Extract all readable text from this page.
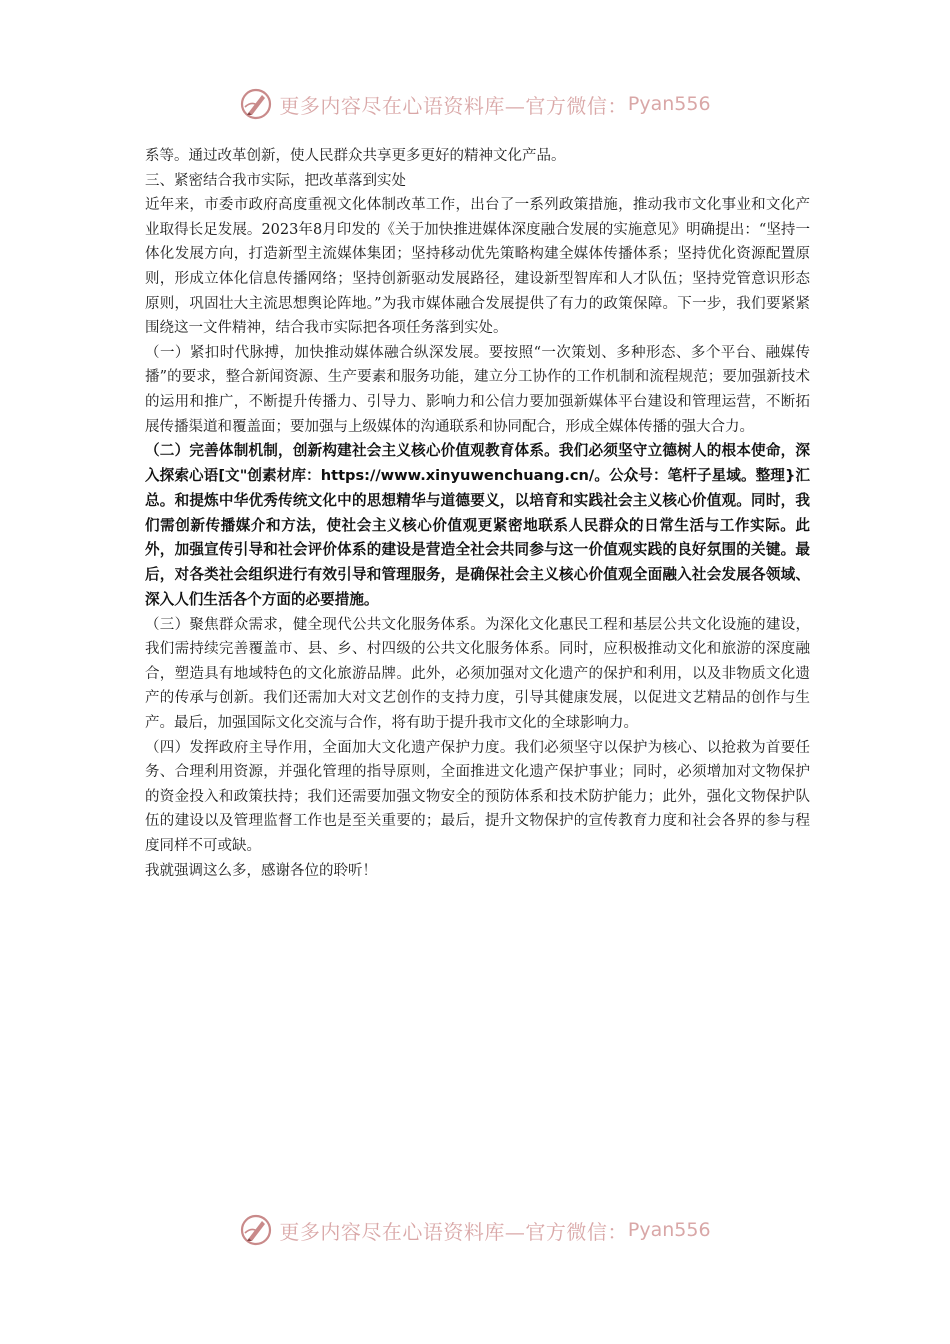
更多内容尽在心语资料库—官方微信： Pyan556

系等。通过改革创新，使人民群众共享更多更好的精神文化产品。

三、紧密结合我市实际，把改革落到实处

近年来，市委市政府高度重视文化体制改革工作，出台了一系列政策措施，推动我市文化事业和文化产业取得长足发展。2023年8月印发的《关于加快推进媒体深度融合发展的实施意见》明确提出：“坚持一体化发展方向，打造新型主流媒体集团；坚持移动优先策略构建全媒体传播体系；坚持优化资源配置原则，形成立体化信息传播网络；坚持创新驱动发展路径，建设新型智库和人才队伍；坚持党管意识形态原则，巩固壮大主流思想舆论阵地。”为我市媒体融合发展提供了有力的政策保障。下一步，我们要紧紧围绕这一文件精神，结合我市实际把各项任务落到实处。

（一）紧扣时代脉搏，加快推动媒体融合纵深发展。要按照“一次策划、多种形态、多个平台、融媒传播”的要求，整合新闻资源、生产要素和服务功能，建立分工协作的工作机制和流程规范；要加强新技术的运用和推广，不断提升传播力、引导力、影响力和公信力要加强新媒体平台建设和管理运营，不断拓展传播渠道和覆盖面；要加强与上级媒体的沟通联系和协同配合，形成全媒体传播的强大合力。

（二）完善体制机制，创新构建社会主义核心价值观教育体系。我们必须坚守立德树人的根本使命，深入探索心语[文"创素材库：https://www.xinyuwenchuang.cn/。公众号：笔杆子星域。整理}汇总。和提炼中华优秀传统文化中的思想精华与道德要义，以培育和实践社会主义核心价值观。同时，我们需创新传播媒介和方法，使社会主义核心价值观更紧密地联系人民群众的日常生活与工作实际。此外，加强宣传引导和社会评价体系的建设是营造全社会共同参与这一价值观实践的良好氛围的关键。最后，对各类社会组织进行有效引导和管理服务，是确保社会主义核心价值观全面融入社会发展各领域、深入人们生活各个方面的必要措施。

（三）聚焦群众需求，健全现代公共文化服务体系。为深化文化惠民工程和基层公共文化设施的建设，我们需持续完善覆盖市、县、乡、村四级的公共文化服务体系。同时，应积极推动文化和旅游的深度融合，塑造具有地域特色的文化旅游品牌。此外，必须加强对文化遗产的保护和利用，以及非物质文化遗产的传承与创新。我们还需加大对文艺创作的支持力度，引导其健康发展，以促进文艺精品的创作与生产。最后，加强国际文化交流与合作，将有助于提升我市文化的全球影响力。

（四）发挥政府主导作用，全面加大文化遗产保护力度。我们必须坚守以保护为核心、以抢救为首要任务、合理利用资源，并强化管理的指导原则，全面推进文化遗产保护事业；同时，必须增加对文物保护的资金投入和政策扶持；我们还需要加强文物安全的预防体系和技术防护能力；此外，强化文物保护队伍的建设以及管理监督工作也是至关重要的；最后，提升文物保护的宣传教育力度和社会各界的参与程度同样不可或缺。

我就强调这么多，感谢各位的聆听！

更多内容尽在心语资料库—官方微信： Pyan556
